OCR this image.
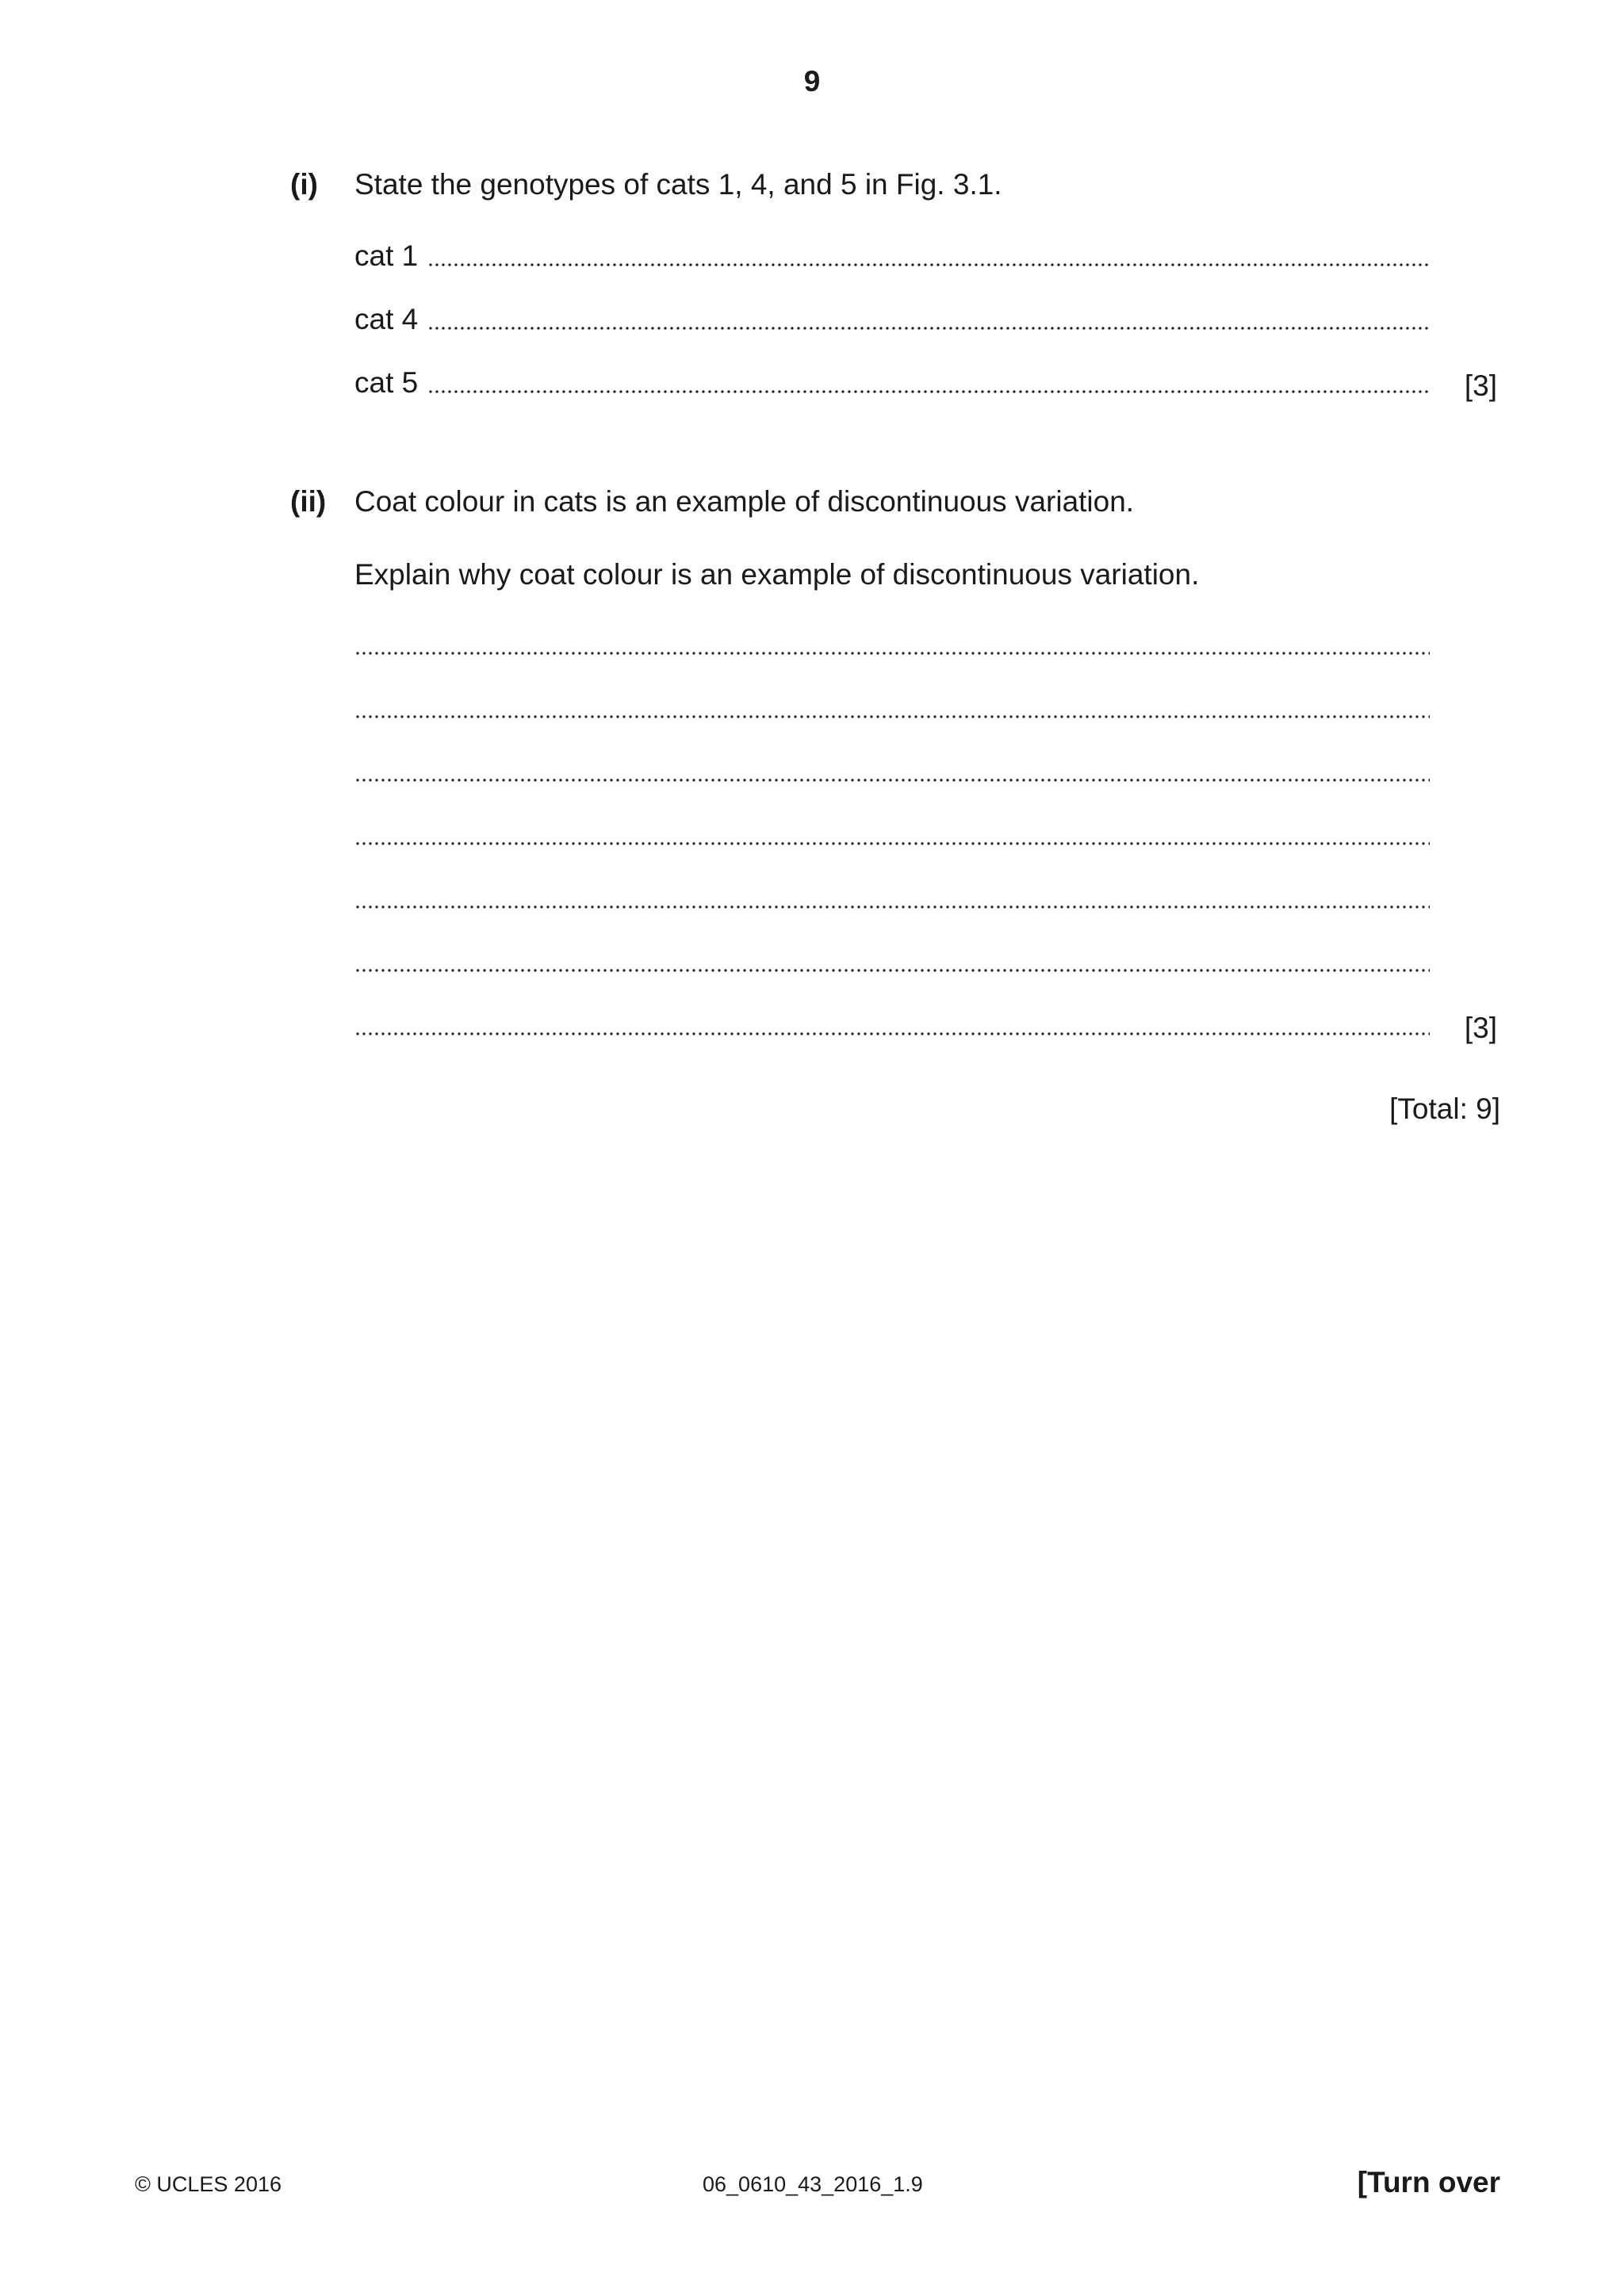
9
(i) State the genotypes of cats 1, 4, and 5 in Fig. 3.1.
cat 1
cat 4
cat 5	[3]
(ii) Coat colour in cats is an example of discontinuous variation.
Explain why coat colour is an example of discontinuous variation.
[3]
[Total: 9]
© UCLES 2016	06_0610_43_2016_1.9	[Turn over
